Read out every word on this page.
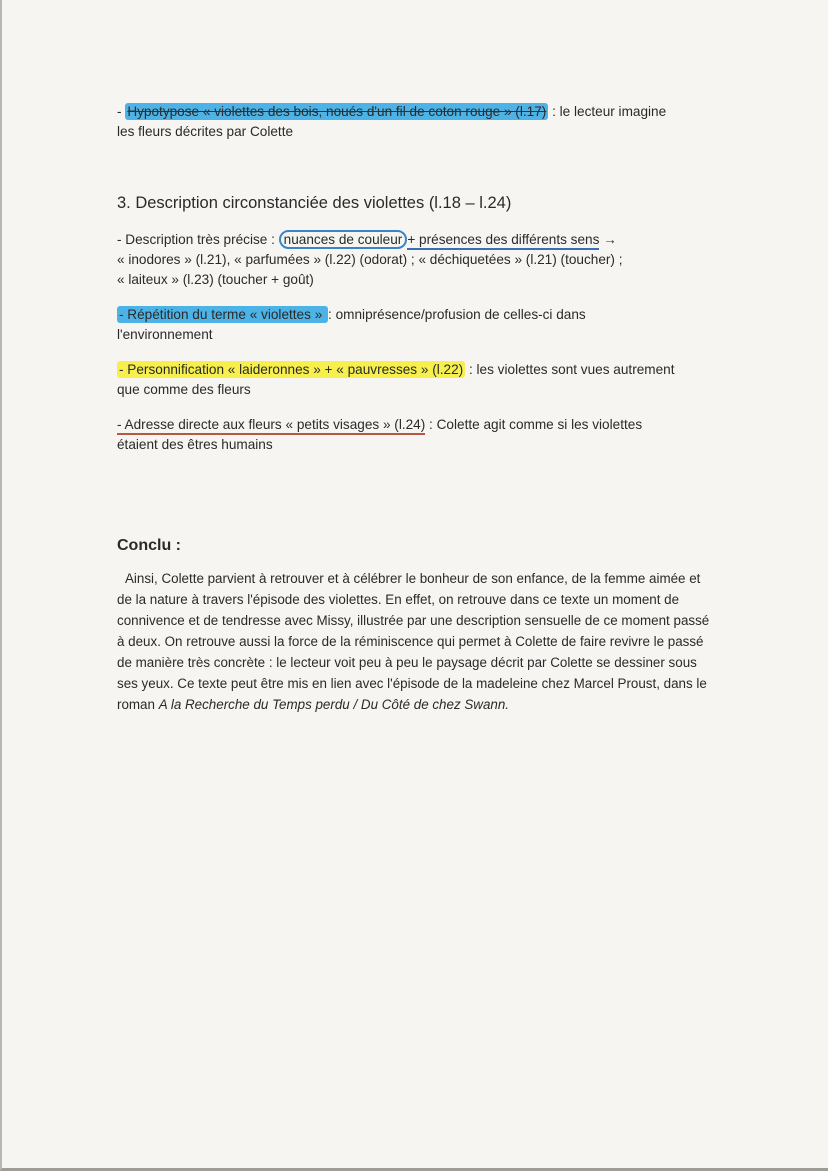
- Hypotypose « violettes des bois, noués d'un fil de coton rouge » (l.17) : le lecteur imagine
les fleurs décrites par Colette
3. Description circonstanciée des violettes (l.18 – l.24)
- Description très précise : nuances de couleur + présences des différents sens →
« inodores » (l.21), « parfumées » (l.22) (odorat) ; « déchiquetées » (l.21) (toucher) ;
« laiteux » (l.23) (toucher + goût)
- Répétition du terme « violettes » : omniprésence/profusion de celles-ci dans
l'environnement
- Personnification « laideronnes » + « pauvresses » (l.22) : les violettes sont vues autrement
que comme des fleurs
- Adresse directe aux fleurs « petits visages » (l.24) : Colette agit comme si les violettes
étaient des êtres humains
Conclu :
Ainsi, Colette parvient à retrouver et à célébrer le bonheur de son enfance, de la femme aimée et de la nature à travers l'épisode des violettes. En effet, on retrouve dans ce texte un moment de connivence et de tendresse avec Missy, illustrée par une description sensuelle de ce moment passé à deux. On retrouve aussi la force de la réminiscence qui permet à Colette de faire revivre le passé de manière très concrète : le lecteur voit peu à peu le paysage décrit par Colette se dessiner sous ses yeux. Ce texte peut être mis en lien avec l'épisode de la madeleine chez Marcel Proust, dans le roman A la Recherche du Temps perdu / Du Côté de chez Swann.
